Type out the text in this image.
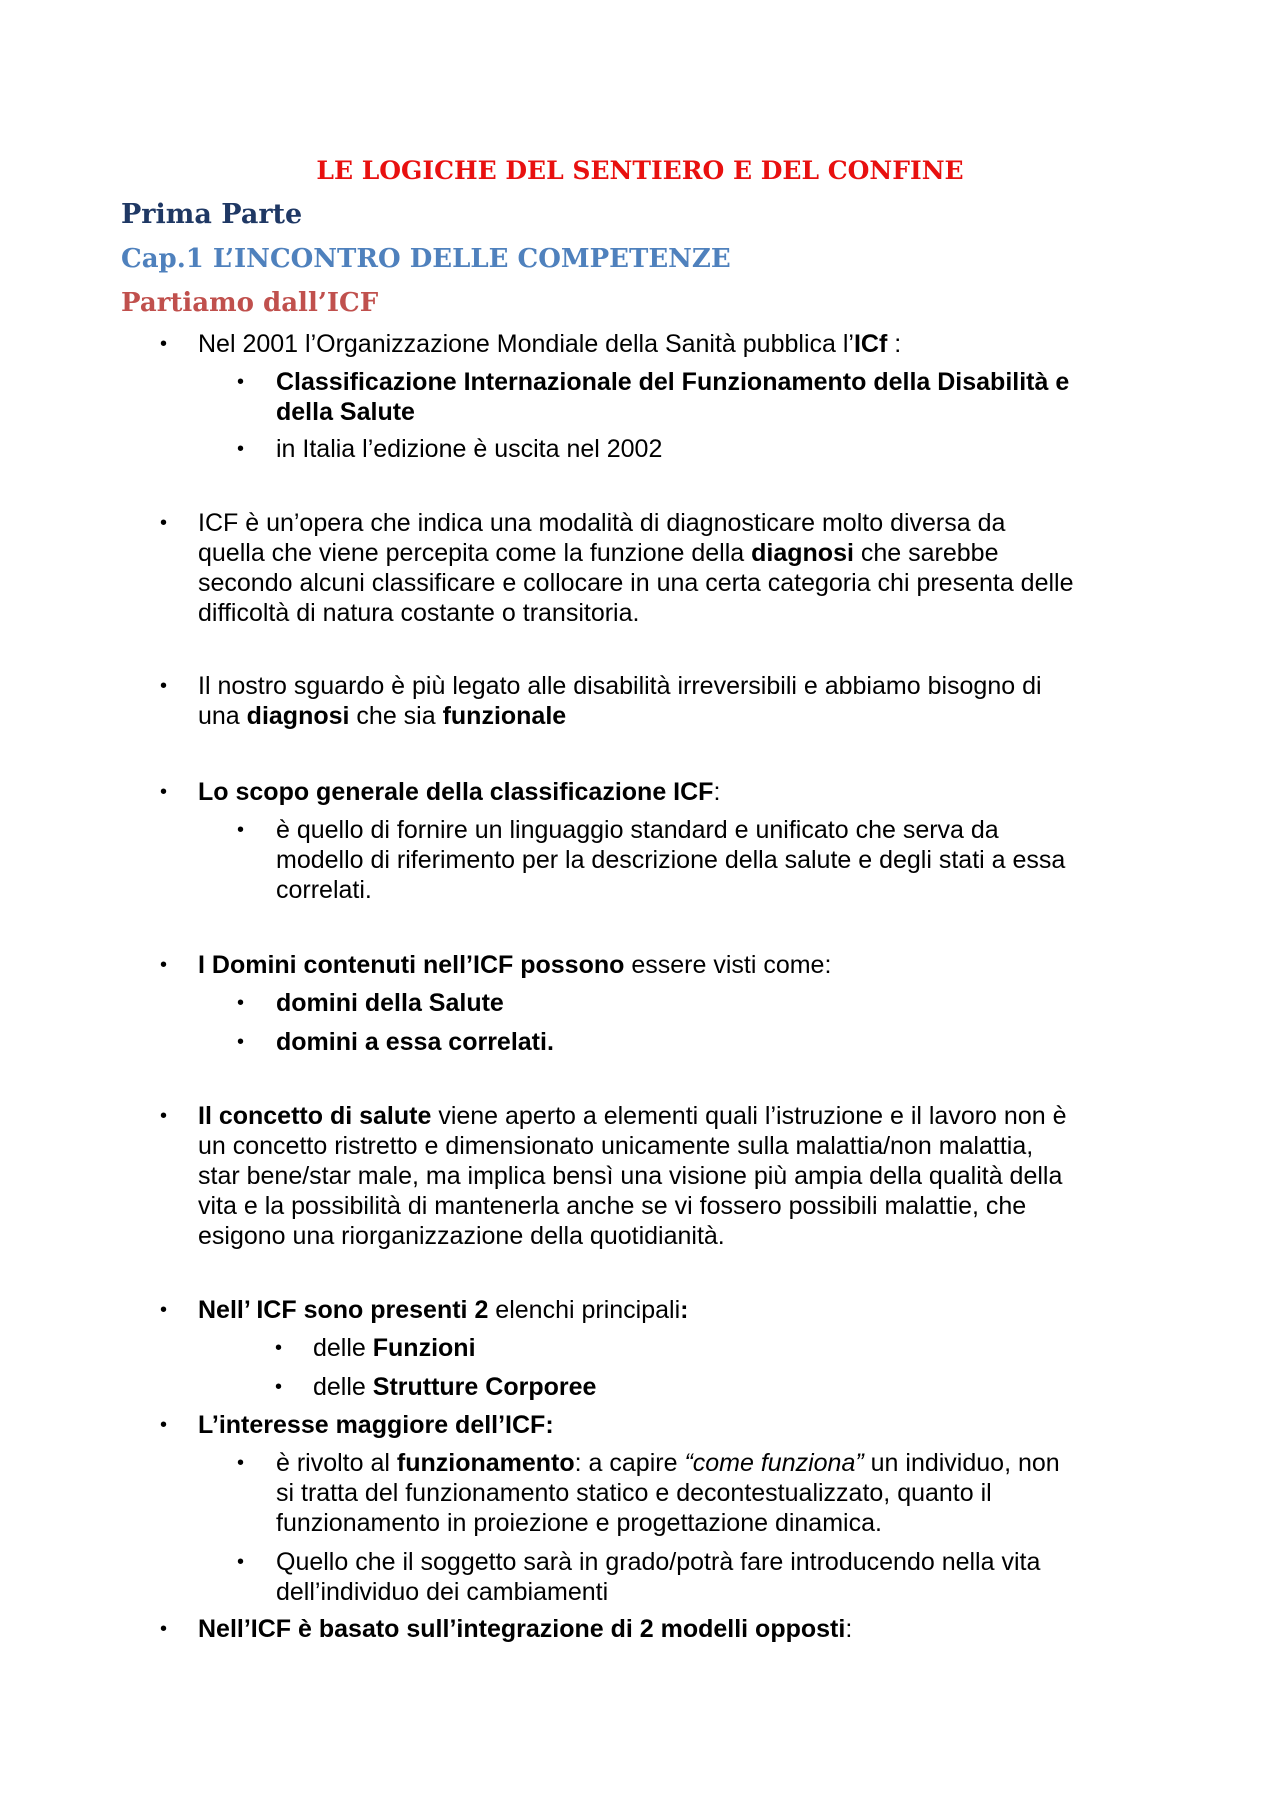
LE LOGICHE DEL SENTIERO E DEL CONFINE
Prima Parte
Cap.1 L’INCONTRO DELLE COMPETENZE
Partiamo dall’ICF
•	Nel 2001 l’Organizzazione Mondiale della Sanità pubblica l’ICf :
•	Classificazione Internazionale del Funzionamento della Disabilità e
della Salute
•	in Italia l’edizione è uscita nel 2002
•	ICF è un’opera che indica una modalità di diagnosticare molto diversa da
quella che viene percepita come la funzione della diagnosi che sarebbe
secondo alcuni classificare e collocare in una certa categoria chi presenta delle
difficoltà di natura costante o transitoria.
•	Il nostro sguardo è più legato alle disabilità irreversibili e abbiamo bisogno di
una diagnosi che sia funzionale
•	Lo scopo generale della classificazione ICF:
•	è quello di fornire un linguaggio standard e unificato che serva da
modello di riferimento per la descrizione della salute e degli stati a essa
correlati.
•	I Domini contenuti nell’ICF possono essere visti come:
•	domini della Salute
•	domini a essa correlati.
•	Il concetto di salute viene aperto a elementi quali l’istruzione e il lavoro non è
un concetto ristretto e dimensionato unicamente sulla malattia/non malattia,
star bene/star male, ma implica bensì una visione più ampia della qualità della
vita e la possibilità di mantenerla anche se vi fossero possibili malattie, che
esigono una riorganizzazione della quotidianità.
•	Nell’ ICF sono presenti 2 elenchi principali:
•	delle Funzioni
•	delle Strutture Corporee
•	L’interesse maggiore dell’ICF:
•	è rivolto al funzionamento: a capire “come funziona” un individuo, non
si tratta del funzionamento statico e decontestualizzato, quanto il
funzionamento in proiezione e progettazione dinamica.
•	Quello che il soggetto sarà in grado/potrà fare introducendo nella vita
dell’individuo dei cambiamenti
•	Nell’ICF è basato sull’integrazione di 2 modelli opposti:
